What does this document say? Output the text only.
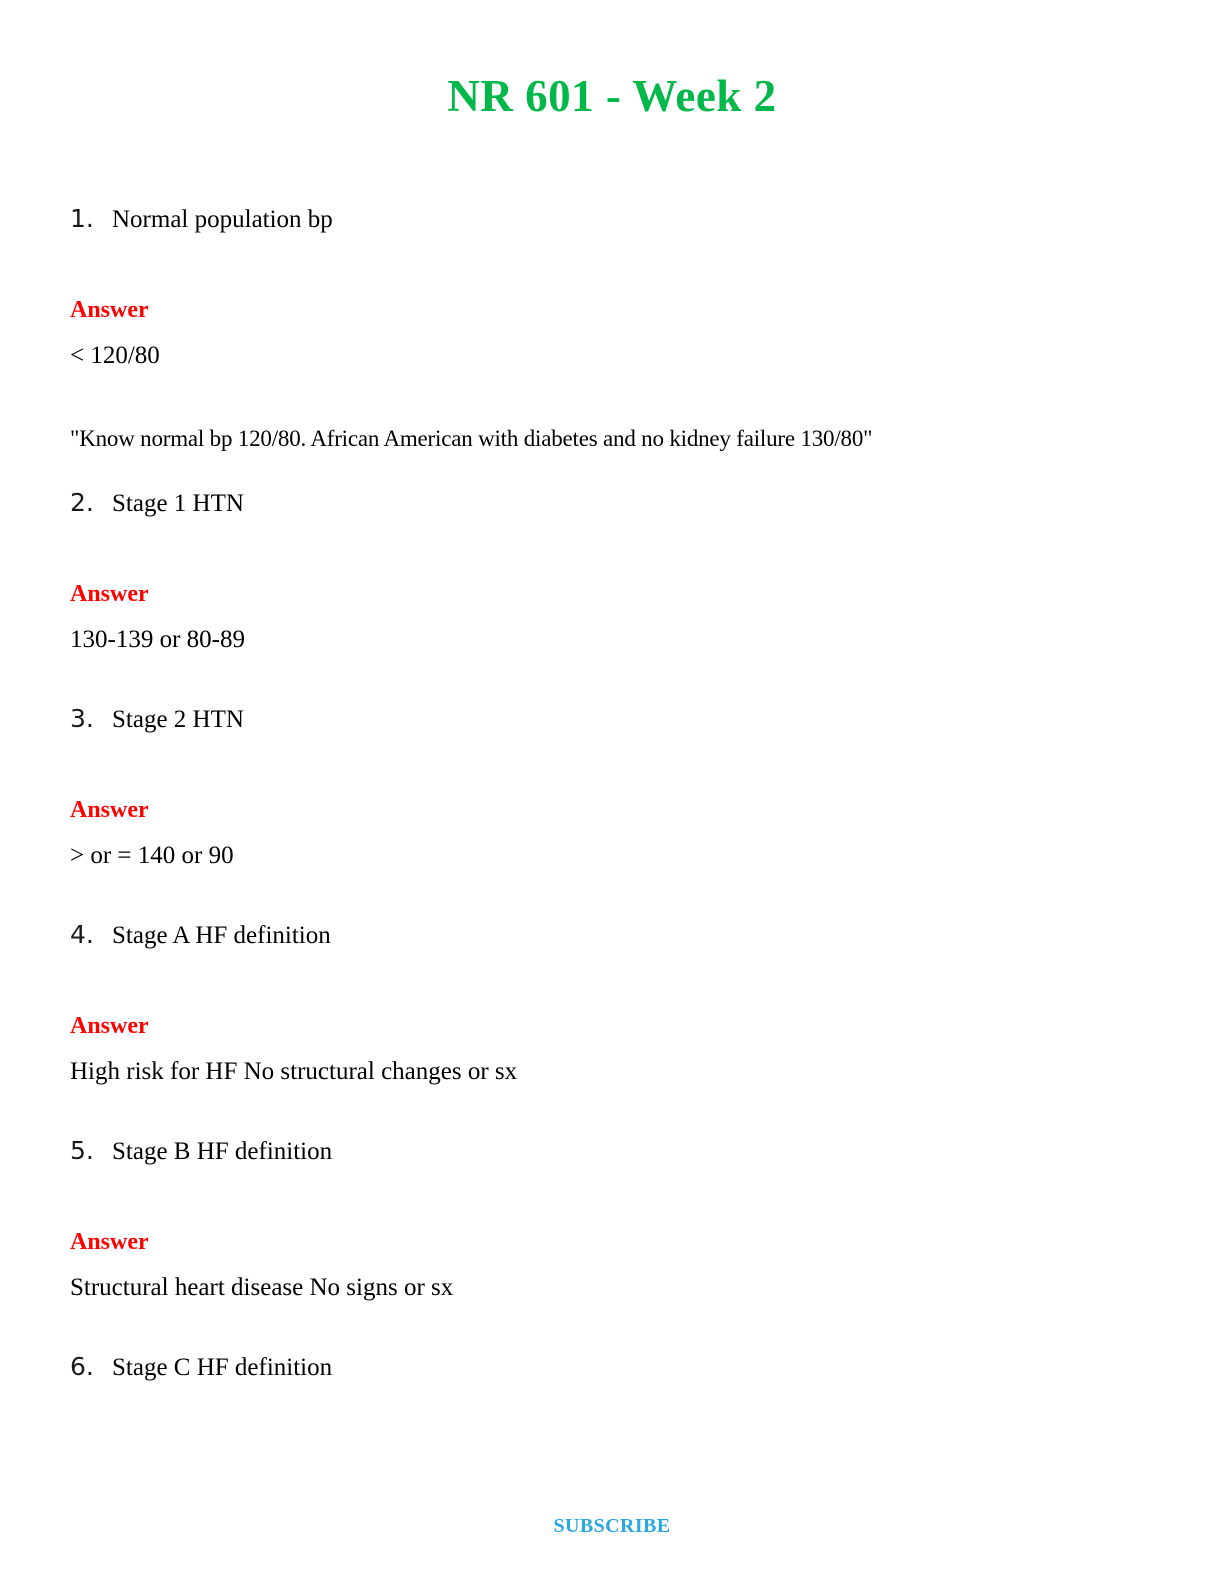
NR 601 - Week 2
1. Normal population bp
Answer
< 120/80
"Know normal bp 120/80. African American with diabetes and no kidney failure 130/80"
2. Stage 1 HTN
Answer
130-139 or 80-89
3. Stage 2 HTN
Answer
> or = 140 or 90
4. Stage A HF definition
Answer
High risk for HF No structural changes or sx
5. Stage B HF definition
Answer
Structural heart disease No signs or sx
6. Stage C HF definition
SUBSCRIBE
